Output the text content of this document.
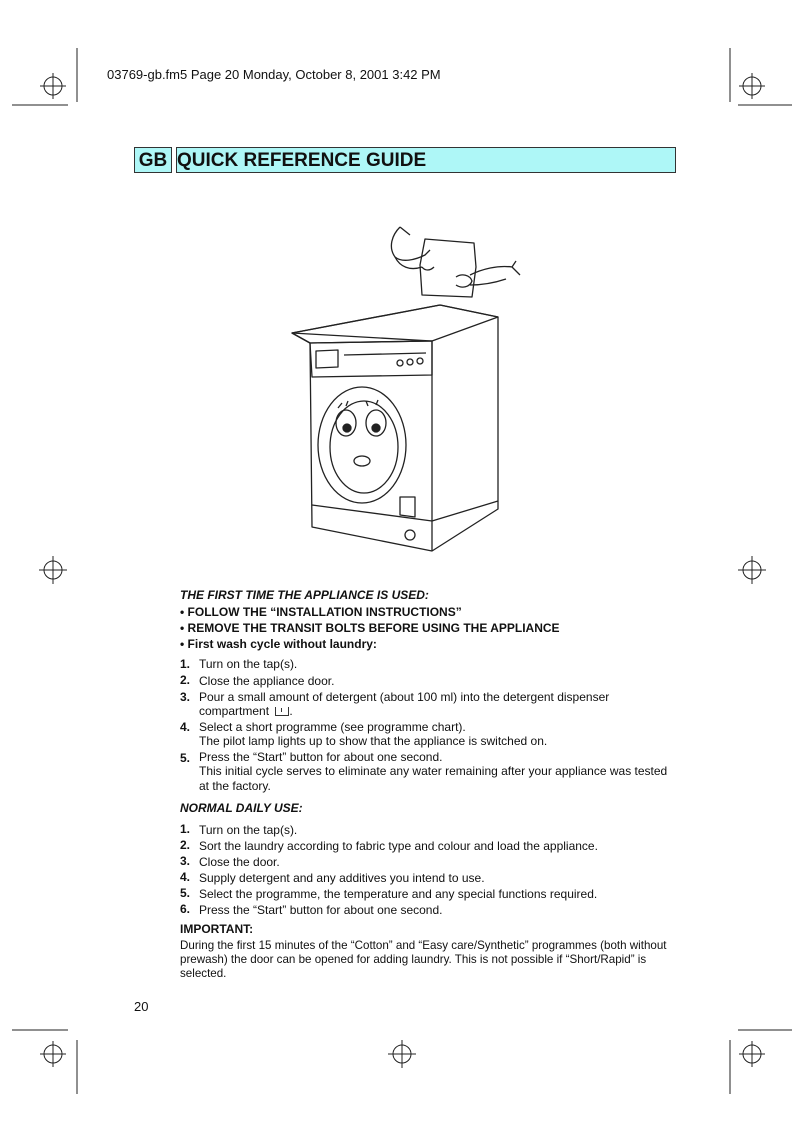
03769-gb.fm5 Page 20 Monday, October 8, 2001 3:42 PM
GB QUICK REFERENCE GUIDE
THE FIRST TIME THE APPLIANCE IS USED:
• FOLLOW THE “INSTALLATION INSTRUCTIONS”
• REMOVE THE TRANSIT BOLTS BEFORE USING THE APPLIANCE
• First wash cycle without laundry:
1. Turn on the tap(s).
2. Close the appliance door.
3. Pour a small amount of detergent (about 100 ml) into the detergent dispenser
compartment .
4. Select a short programme (see programme chart).
The pilot lamp lights up to show that the appliance is switched on.
5. Press the “Start” button for about one second.
This initial cycle serves to eliminate any water remaining after your appliance was tested
at the factory.
NORMAL DAILY USE:
1. Turn on the tap(s).
2. Sort the laundry according to fabric type and colour and load the appliance.
3. Close the door.
4. Supply detergent and any additives you intend to use.
5. Select the programme, the temperature and any special functions required.
6. Press the “Start” button for about one second.
IMPORTANT:
During the first 15 minutes of the “Cotton” and “Easy care/Synthetic” programmes (both without prewash) the door can be opened for adding laundry. This is not possible if “Short/Rapid” is selected.
20
